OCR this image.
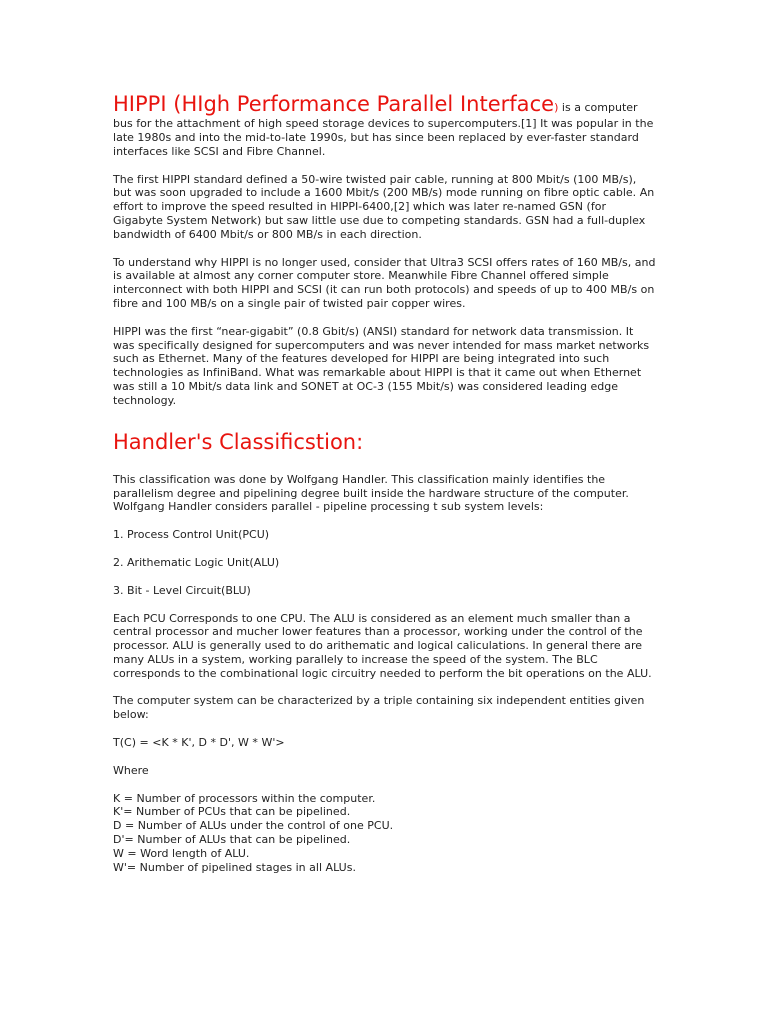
HIPPI (HIgh Performance Parallel Interface) is a computer bus for the attachment of high speed storage devices to supercomputers.[1] It was popular in the late 1980s and into the mid-to-late 1990s, but has since been replaced by ever-faster standard interfaces like SCSI and Fibre Channel.

The first HIPPI standard defined a 50-wire twisted pair cable, running at 800 Mbit/s (100 MB/s), but was soon upgraded to include a 1600 Mbit/s (200 MB/s) mode running on fibre optic cable. An effort to improve the speed resulted in HIPPI-6400,[2] which was later re-named GSN (for Gigabyte System Network) but saw little use due to competing standards. GSN had a full-duplex bandwidth of 6400 Mbit/s or 800 MB/s in each direction.

To understand why HIPPI is no longer used, consider that Ultra3 SCSI offers rates of 160 MB/s, and is available at almost any corner computer store. Meanwhile Fibre Channel offered simple interconnect with both HIPPI and SCSI (it can run both protocols) and speeds of up to 400 MB/s on fibre and 100 MB/s on a single pair of twisted pair copper wires.

HIPPI was the first “near-gigabit” (0.8 Gbit/s) (ANSI) standard for network data transmission. It was specifically designed for supercomputers and was never intended for mass market networks such as Ethernet. Many of the features developed for HIPPI are being integrated into such technologies as InfiniBand. What was remarkable about HIPPI is that it came out when Ethernet was still a 10 Mbit/s data link and SONET at OC-3 (155 Mbit/s) was considered leading edge technology.

Handler's Classificstion:

This classification was done by Wolfgang Handler. This classification mainly identifies the parallelism degree and pipelining degree built inside the hardware structure of the computer. Wolfgang Handler considers parallel - pipeline processing t sub system levels:

1. Process Control Unit(PCU)

2. Arithematic Logic Unit(ALU)

3. Bit - Level Circuit(BLU)

Each PCU Corresponds to one CPU. The ALU is considered as an element much smaller than a central processor and mucher lower features than a processor, working under the control of the processor. ALU is generally used to do arithematic and logical caliculations. In general there are many ALUs in a system, working parallely to increase the speed of the system. The BLC corresponds to the combinational logic circuitry needed to perform the bit operations on the ALU.

The computer system can be characterized by a triple containing six independent entities given below:

T(C) = <K * K', D * D', W * W'>

Where

K = Number of processors within the computer.

K'= Number of PCUs that can be pipelined.

D = Number of ALUs under the control of one PCU.

D'= Number of ALUs that can be pipelined.

W = Word length of ALU.

W'= Number of pipelined stages in all ALUs.
